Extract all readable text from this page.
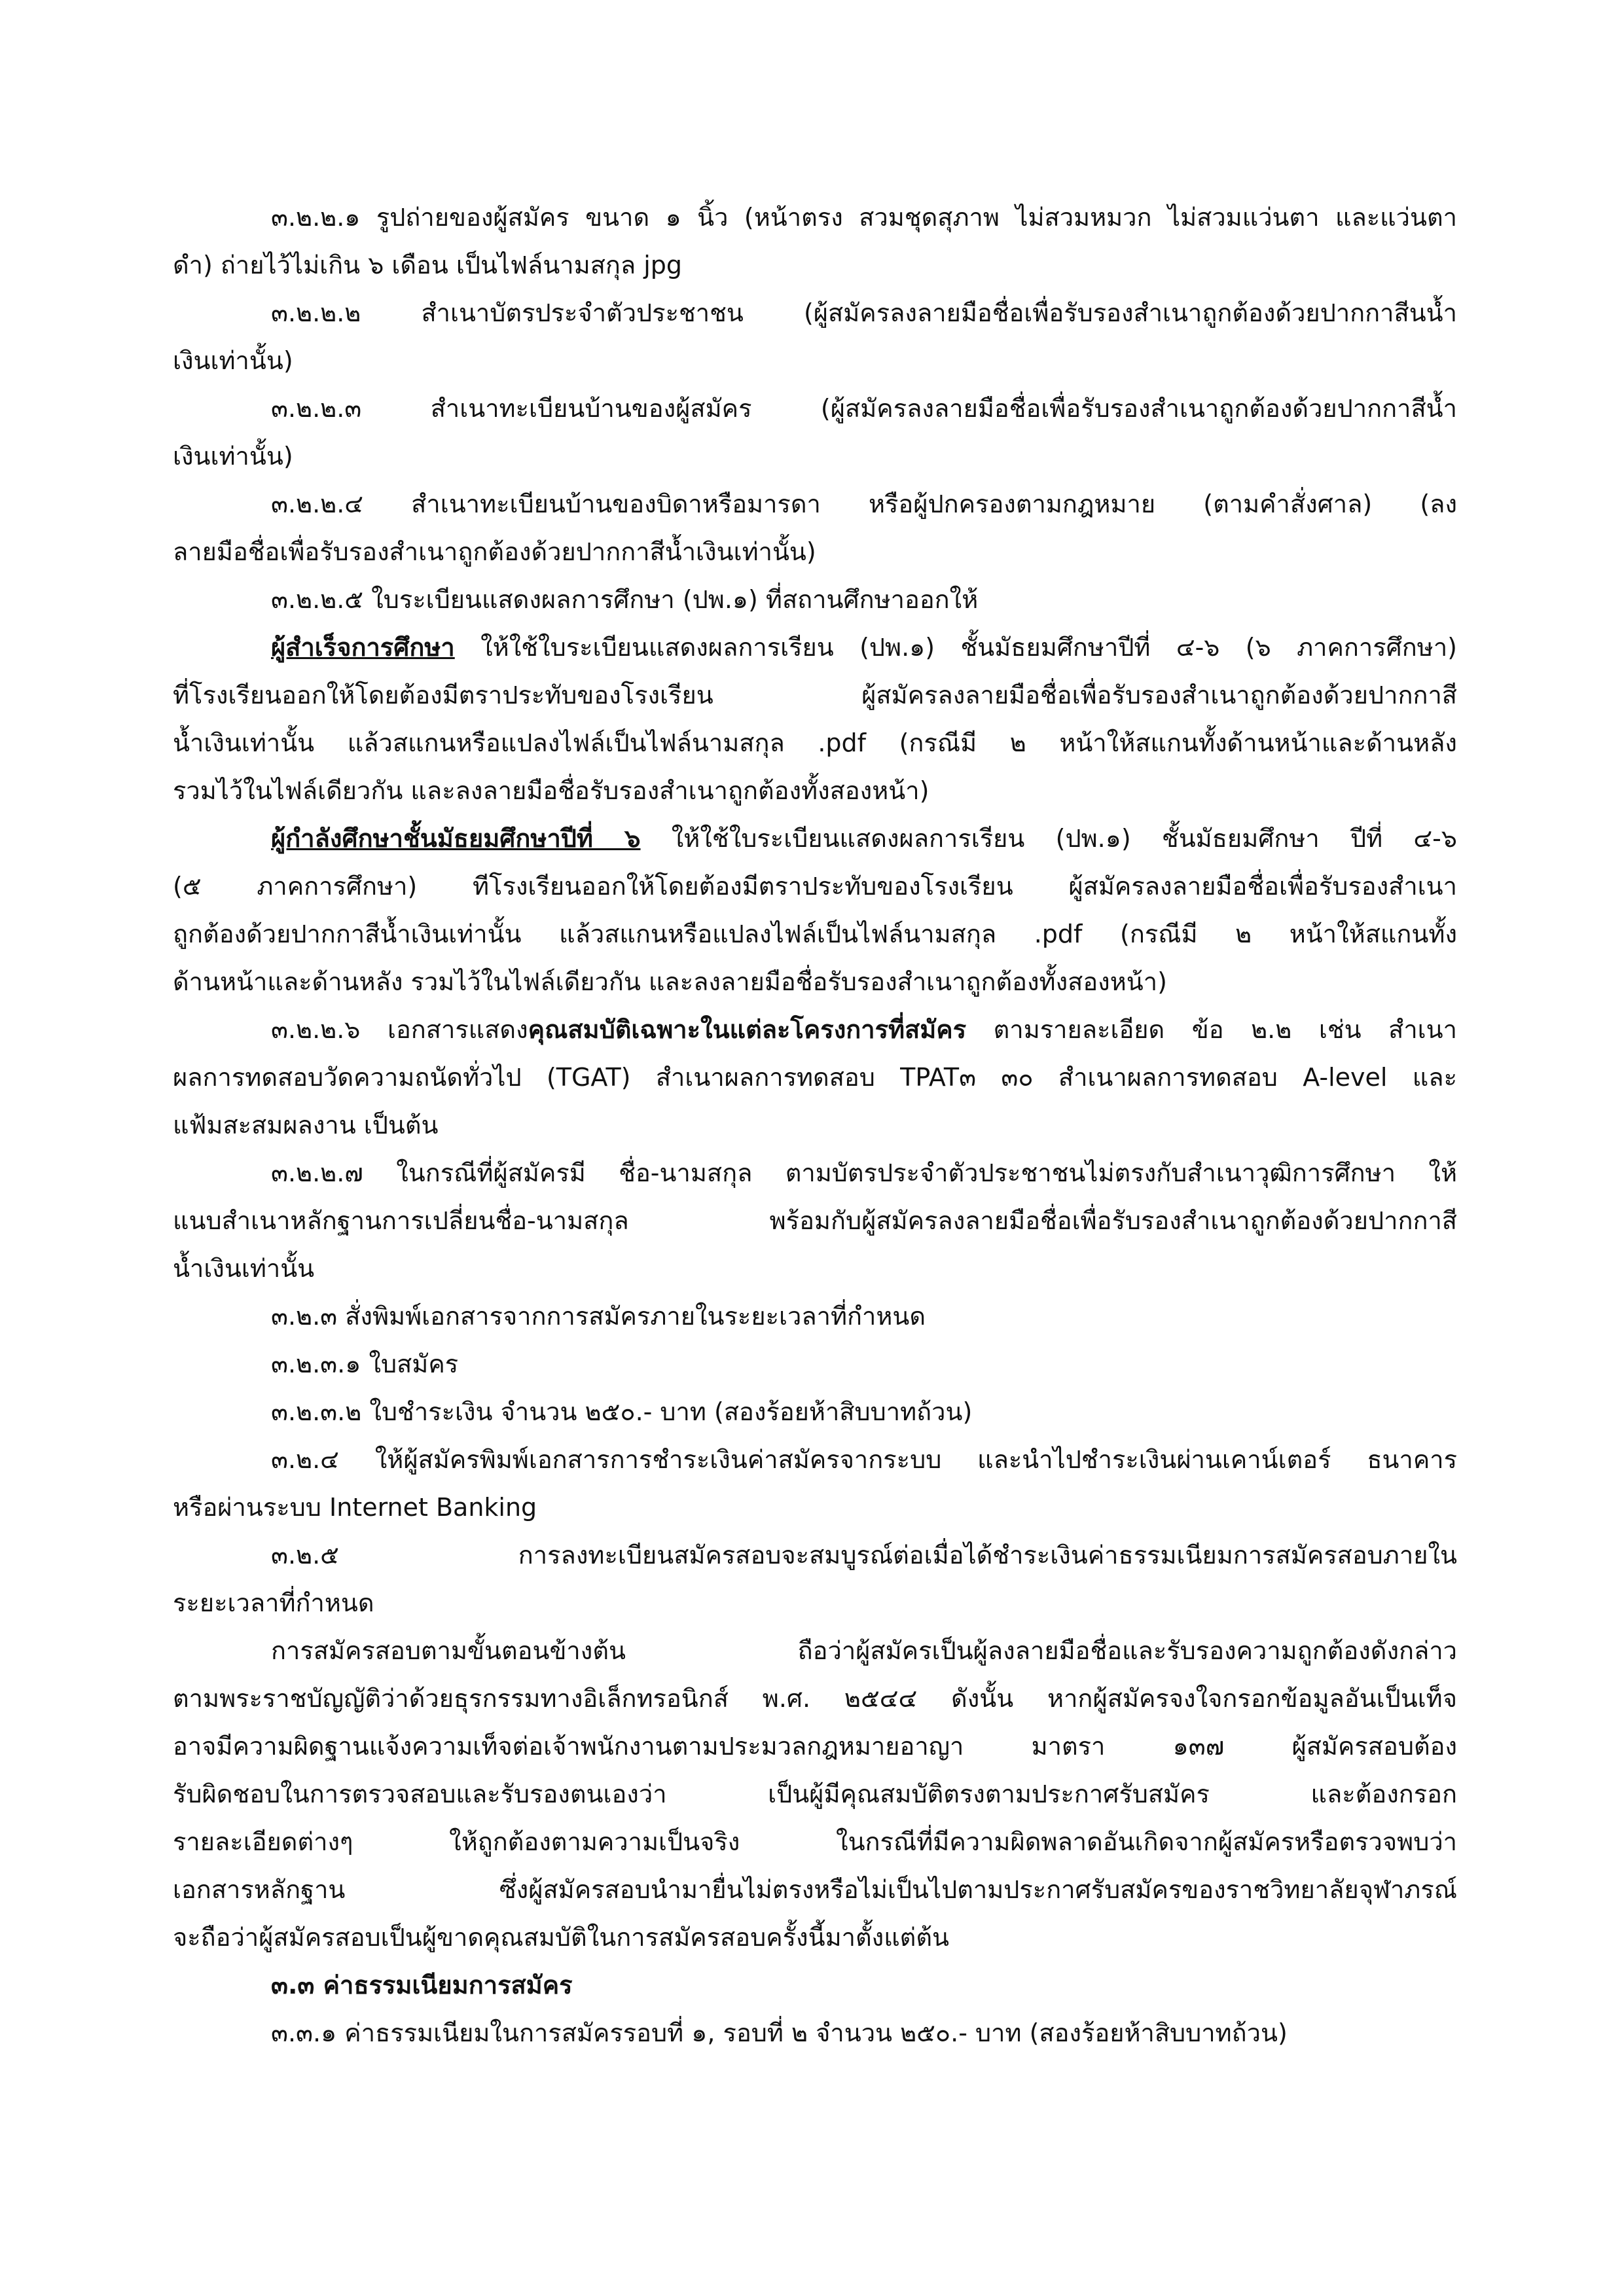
๓.๒.๒.๑ รูปถ่ายของผู้สมัคร ขนาด ๑ นิ้ว (หน้าตรง สวมชุดสุภาพ ไม่สวมหมวก ไม่สวมแว่นตา และแว่นตา
ดำ) ถ่ายไว้ไม่เกิน ๖ เดือน เป็นไฟล์นามสกุล jpg
๓.๒.๒.๒ สำเนาบัตรประจำตัวประชาชน (ผู้สมัครลงลายมือชื่อเพื่อรับรองสำเนาถูกต้องด้วยปากกาสีนน้ำ
เงินเท่านั้น)
๓.๒.๒.๓ สำเนาทะเบียนบ้านของผู้สมัคร (ผู้สมัครลงลายมือชื่อเพื่อรับรองสำเนาถูกต้องด้วยปากกาสีน้ำ
เงินเท่านั้น)
๓.๒.๒.๔ สำเนาทะเบียนบ้านของบิดาหรือมารดา หรือผู้ปกครองตามกฎหมาย (ตามคำสั่งศาล) (ลง
ลายมือชื่อเพื่อรับรองสำเนาถูกต้องด้วยปากกาสีน้ำเงินเท่านั้น)
๓.๒.๒.๕ ใบระเบียนแสดงผลการศึกษา (ปพ.๑) ที่สถานศึกษาออกให้
ผู้สำเร็จการศึกษา ให้ใช้ใบระเบียนแสดงผลการเรียน (ปพ.๑) ชั้นมัธยมศึกษาปีที่ ๔-๖ (๖ ภาคการศึกษา)
ที่โรงเรียนออกให้โดยต้องมีตราประทับของโรงเรียน ผู้สมัครลงลายมือชื่อเพื่อรับรองสำเนาถูกต้องด้วยปากกาสี
น้ำเงินเท่านั้น แล้วสแกนหรือแปลงไฟล์เป็นไฟล์นามสกุล .pdf (กรณีมี ๒ หน้าให้สแกนทั้งด้านหน้าและด้านหลัง
รวมไว้ในไฟล์เดียวกัน และลงลายมือชื่อรับรองสำเนาถูกต้องทั้งสองหน้า)
ผู้กำลังศึกษาชั้นมัธยมศึกษาปีที่ ๖ ให้ใช้ใบระเบียนแสดงผลการเรียน (ปพ.๑) ชั้นมัธยมศึกษา ปีที่ ๔-๖
(๕ ภาคการศึกษา) ทีโรงเรียนออกให้โดยต้องมีตราประทับของโรงเรียน ผู้สมัครลงลายมือชื่อเพื่อรับรองสำเนา
ถูกต้องด้วยปากกาสีน้ำเงินเท่านั้น แล้วสแกนหรือแปลงไฟล์เป็นไฟล์นามสกุล .pdf (กรณีมี ๒ หน้าให้สแกนทั้ง
ด้านหน้าและด้านหลัง รวมไว้ในไฟล์เดียวกัน และลงลายมือชื่อรับรองสำเนาถูกต้องทั้งสองหน้า)
๓.๒.๒.๖ เอกสารแสดงคุณสมบัติเฉพาะในแต่ละโครงการที่สมัคร ตามรายละเอียด ข้อ ๒.๒ เช่น สำเนา
ผลการทดสอบวัดความถนัดทั่วไป (TGAT) สำเนาผลการทดสอบ TPAT๓ ๓๐ สำเนาผลการทดสอบ A-level และ
แฟ้มสะสมผลงาน เป็นต้น
๓.๒.๒.๗ ในกรณีที่ผู้สมัครมี ชื่อ-นามสกุล ตามบัตรประจำตัวประชาชนไม่ตรงกับสำเนาวุฒิการศึกษา ให้
แนบสำเนาหลักฐานการเปลี่ยนชื่อ-นามสกุล พร้อมกับผู้สมัครลงลายมือชื่อเพื่อรับรองสำเนาถูกต้องด้วยปากกาสี
น้ำเงินเท่านั้น
๓.๒.๓ สั่งพิมพ์เอกสารจากการสมัครภายในระยะเวลาที่กำหนด
๓.๒.๓.๑ ใบสมัคร
๓.๒.๓.๒ ใบชำระเงิน จำนวน ๒๕๐.- บาท (สองร้อยห้าสิบบาทถ้วน)
๓.๒.๔ ให้ผู้สมัครพิมพ์เอกสารการชำระเงินค่าสมัครจากระบบ และนำไปชำระเงินผ่านเคาน์เตอร์ ธนาคาร
หรือผ่านระบบ Internet Banking
๓.๒.๕ การลงทะเบียนสมัครสอบจะสมบูรณ์ต่อเมื่อได้ชำระเงินค่าธรรมเนียมการสมัครสอบภายใน
ระยะเวลาที่กำหนด
การสมัครสอบตามขั้นตอนข้างต้น ถือว่าผู้สมัครเป็นผู้ลงลายมือชื่อและรับรองความถูกต้องดังกล่าว
ตามพระราชบัญญัติว่าด้วยธุรกรรมทางอิเล็กทรอนิกส์ พ.ศ. ๒๕๔๔ ดังนั้น หากผู้สมัครจงใจกรอกข้อมูลอันเป็นเท็จ
อาจมีความผิดฐานแจ้งความเท็จต่อเจ้าพนักงานตามประมวลกฎหมายอาญา มาตรา ๑๓๗ ผู้สมัครสอบต้อง
รับผิดชอบในการตรวจสอบและรับรองตนเองว่า เป็นผู้มีคุณสมบัติตรงตามประกาศรับสมัคร และต้องกรอก
รายละเอียดต่างๆ ให้ถูกต้องตามความเป็นจริง ในกรณีที่มีความผิดพลาดอันเกิดจากผู้สมัครหรือตรวจพบว่า
เอกสารหลักฐาน ซึ่งผู้สมัครสอบนำมายื่นไม่ตรงหรือไม่เป็นไปตามประกาศรับสมัครของราชวิทยาลัยจุฬาภรณ์
จะถือว่าผู้สมัครสอบเป็นผู้ขาดคุณสมบัติในการสมัครสอบครั้งนี้มาตั้งแต่ต้น
๓.๓ ค่าธรรมเนียมการสมัคร
๓.๓.๑ ค่าธรรมเนียมในการสมัครรอบที่ ๑, รอบที่ ๒ จำนวน ๒๕๐.- บาท (สองร้อยห้าสิบบาทถ้วน)
